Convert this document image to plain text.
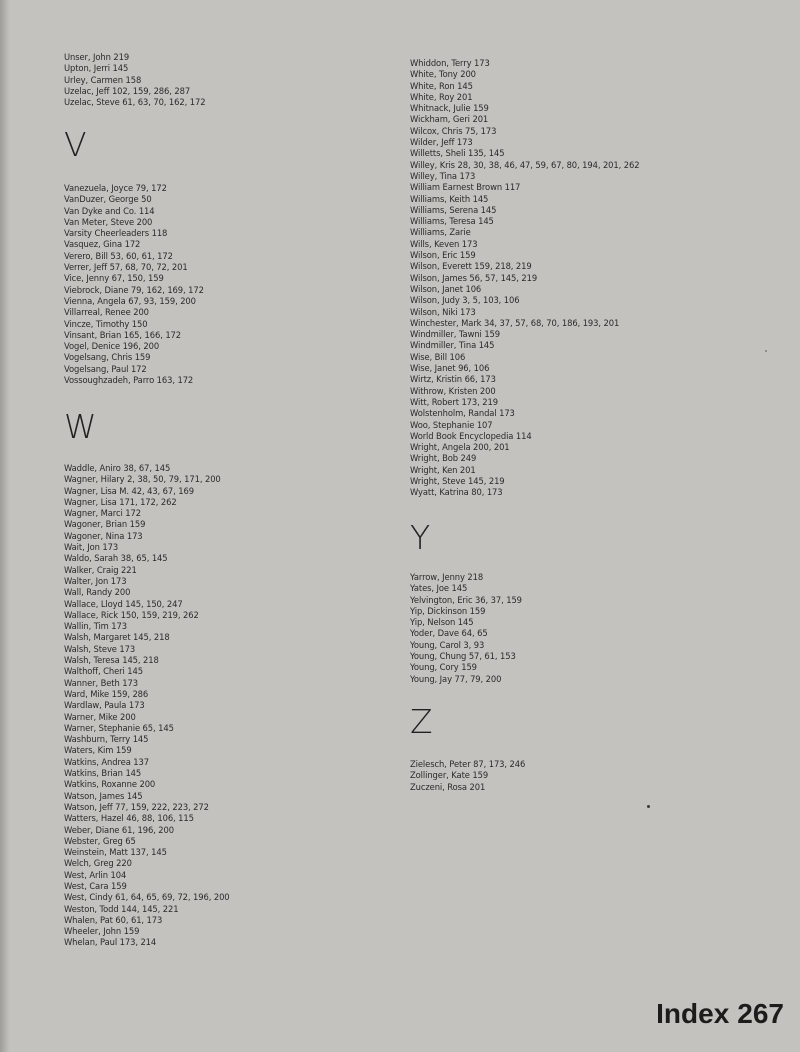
Unser, John 219
Upton, Jerri 145
Urley, Carmen 158
Uzelac, Jeff 102, 159, 286, 287
Uzelac, Steve 61, 63, 70, 162, 172
V
Vanezuela, Joyce 79, 172
VanDuzer, George 50
Van Dyke and Co. 114
Van Meter, Steve 200
Varsity Cheerleaders 118
Vasquez, Gina 172
Verero, Bill 53, 60, 61, 172
Verrer, Jeff 57, 68, 70, 72, 201
Vice, Jenny 67, 150, 159
Viebrock, Diane 79, 162, 169, 172
Vienna, Angela 67, 93, 159, 200
Villarreal, Renee 200
Vincze, Timothy 150
Vinsant, Brian 165, 166, 172
Vogel, Denice 196, 200
Vogelsang, Chris 159
Vogelsang, Paul 172
Vossoughzadeh, Parro 163, 172
W
Waddle, Aniro 38, 67, 145
Wagner, Hilary 2, 38, 50, 79, 171, 200
Wagner, Lisa M. 42, 43, 67, 169
Wagner, Lisa 171, 172, 262
Wagner, Marci 172
Wagoner, Brian 159
Wagoner, Nina 173
Wait, Jon 173
Waldo, Sarah 38, 65, 145
Walker, Craig 221
Walter, Jon 173
Wall, Randy 200
Wallace, Lloyd 145, 150, 247
Wallace, Rick 150, 159, 219, 262
Wallin, Tim 173
Walsh, Margaret 145, 218
Walsh, Steve 173
Walsh, Teresa 145, 218
Walthoff, Cheri 145
Wanner, Beth 173
Ward, Mike 159, 286
Wardlaw, Paula 173
Warner, Mike 200
Warner, Stephanie 65, 145
Washburn, Terry 145
Waters, Kim 159
Watkins, Andrea 137
Watkins, Brian 145
Watkins, Roxanne 200
Watson, James 145
Watson, Jeff 77, 159, 222, 223, 272
Watters, Hazel 46, 88, 106, 115
Weber, Diane 61, 196, 200
Webster, Greg 65
Weinstein, Matt 137, 145
Welch, Greg 220
West, Arlin 104
West, Cara 159
West, Cindy 61, 64, 65, 69, 72, 196, 200
Weston, Todd 144, 145, 221
Whalen, Pat 60, 61, 173
Wheeler, John 159
Whelan, Paul 173, 214
Whiddon, Terry 173
White, Tony 200
White, Ron 145
White, Roy 201
Whitnack, Julie 159
Wickham, Geri 201
Wilcox, Chris 75, 173
Wilder, Jeff 173
Willetts, Sheli 135, 145
Willey, Kris 28, 30, 38, 46, 47, 59, 67, 80, 194, 201, 262
Willey, Tina 173
William Earnest Brown 117
Williams, Keith 145
Williams, Serena 145
Williams, Teresa 145
Williams, Zarie
Wills, Keven 173
Wilson, Eric 159
Wilson, Everett 159, 218, 219
Wilson, James 56, 57, 145, 219
Wilson, Janet 106
Wilson, Judy 3, 5, 103, 106
Wilson, Niki 173
Winchester, Mark 34, 37, 57, 68, 70, 186, 193, 201
Windmiller, Tawni 159
Windmiller, Tina 145
Wise, Bill 106
Wise, Janet 96, 106
Wirtz, Kristin 66, 173
Withrow, Kristen 200
Witt, Robert 173, 219
Wolstenholm, Randal 173
Woo, Stephanie 107
World Book Encyclopedia 114
Wright, Angela 200, 201
Wright, Bob 249
Wright, Ken 201
Wright, Steve 145, 219
Wyatt, Katrina 80, 173
Y
Yarrow, Jenny 218
Yates, Joe 145
Yelvington, Eric 36, 37, 159
Yip, Dickinson 159
Yip, Nelson 145
Yoder, Dave 64, 65
Young, Carol 3, 93
Young, Chung 57, 61, 153
Young, Cory 159
Young, Jay 77, 79, 200
Z
Zielesch, Peter 87, 173, 246
Zollinger, Kate 159
Zuczeni, Rosa 201
Index 267
